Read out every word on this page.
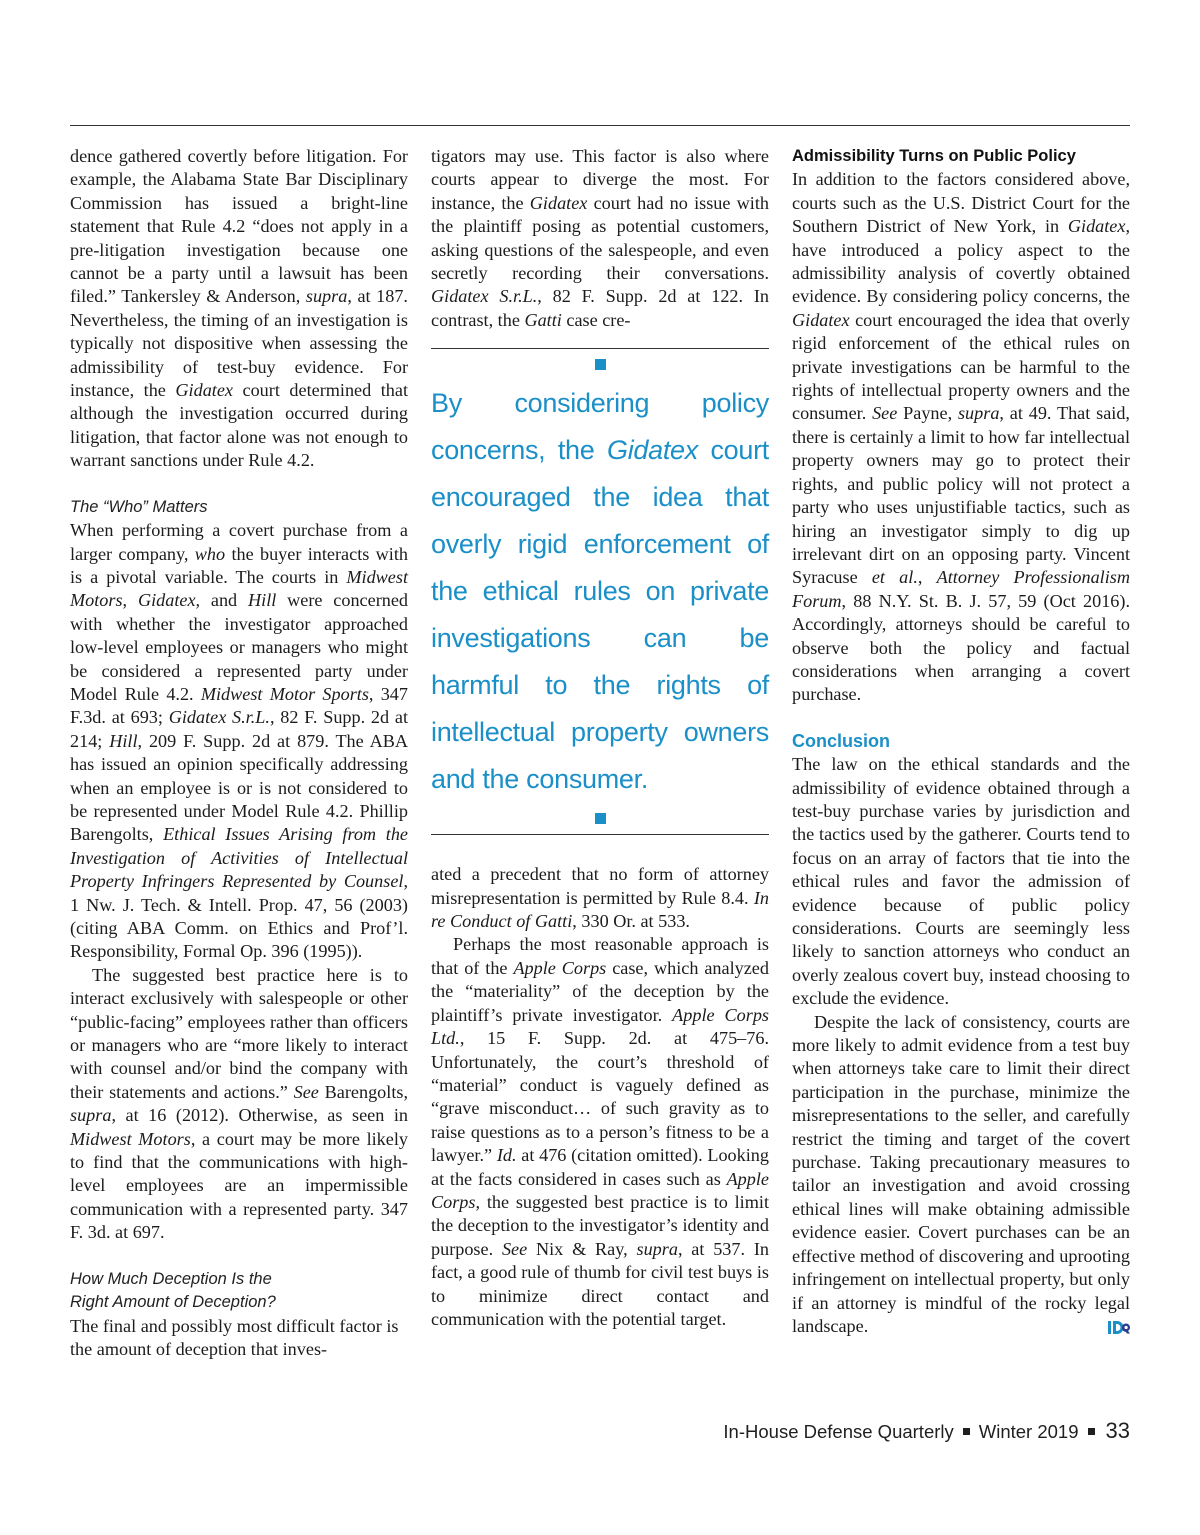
dence gathered covertly before litigation. For example, the Alabama State Bar Disciplinary Commission has issued a bright-line statement that Rule 4.2 “does not apply in a pre-litigation investigation because one cannot be a party until a lawsuit has been filed.” Tankersley & Anderson, supra, at 187. Nevertheless, the timing of an investigation is typically not dispositive when assessing the admissibility of test-buy evidence. For instance, the Gidatex court determined that although the investigation occurred during litigation, that factor alone was not enough to warrant sanctions under Rule 4.2.

The “Who” Matters

When performing a covert purchase from a larger company, who the buyer interacts with is a pivotal variable. The courts in Midwest Motors, Gidatex, and Hill were concerned with whether the investigator approached low-level employees or managers who might be considered a represented party under Model Rule 4.2. Midwest Motor Sports, 347 F.3d. at 693; Gidatex S.r.L., 82 F. Supp. 2d at 214; Hill, 209 F. Supp. 2d at 879. The ABA has issued an opinion specifically addressing when an employee is or is not considered to be represented under Model Rule 4.2. Phillip Barengolts, Ethical Issues Arising from the Investigation of Activities of Intellectual Property Infringers Represented by Counsel, 1 Nw. J. Tech. & Intell. Prop. 47, 56 (2003) (citing ABA Comm. on Ethics and Prof’l. Responsibility, Formal Op. 396 (1995)).

The suggested best practice here is to interact exclusively with salespeople or other “public-facing” employees rather than officers or managers who are “more likely to interact with counsel and/or bind the company with their statements and actions.” See Barengolts, supra, at 16 (2012). Otherwise, as seen in Midwest Motors, a court may be more likely to find that the communications with high-level employees are an impermissible communication with a represented party. 347 F. 3d. at 697.

How Much Deception Is the
Right Amount of Deception?

The final and possibly most difficult factor is the amount of deception that inves-

tigators may use. This factor is also where courts appear to diverge the most. For instance, the Gidatex court had no issue with the plaintiff posing as potential customers, asking questions of the salespeople, and even secretly recording their conversations. Gidatex S.r.L., 82 F. Supp. 2d at 122. In contrast, the Gatti case cre-

By considering policy concerns, the Gidatex court encouraged the idea that overly rigid enforcement of the ethical rules on private investigations can be harmful to the rights of intellectual property owners and the consumer.

ated a precedent that no form of attorney misrepresentation is permitted by Rule 8.4. In re Conduct of Gatti, 330 Or. at 533.

Perhaps the most reasonable approach is that of the Apple Corps case, which analyzed the “materiality” of the deception by the plaintiff’s private investigator. Apple Corps Ltd., 15 F. Supp. 2d. at 475–76. Unfortunately, the court’s threshold of “material” conduct is vaguely defined as “grave misconduct… of such gravity as to raise questions as to a person’s fitness to be a lawyer.” Id. at 476 (citation omitted). Looking at the facts considered in cases such as Apple Corps, the suggested best practice is to limit the deception to the investigator’s identity and purpose. See Nix & Ray, supra, at 537. In fact, a good rule of thumb for civil test buys is to minimize direct contact and communication with the potential target.

Admissibility Turns on Public Policy

In addition to the factors considered above, courts such as the U.S. District Court for the Southern District of New York, in Gidatex, have introduced a policy aspect to the admissibility analysis of covertly obtained evidence. By considering policy concerns, the Gidatex court encouraged the idea that overly rigid enforcement of the ethical rules on private investigations can be harmful to the rights of intellectual property owners and the consumer. See Payne, supra, at 49. That said, there is certainly a limit to how far intellectual property owners may go to protect their rights, and public policy will not protect a party who uses unjustifiable tactics, such as hiring an investigator simply to dig up irrelevant dirt on an opposing party. Vincent Syracuse et al., Attorney Professionalism Forum, 88 N.Y. St. B. J. 57, 59 (Oct 2016). Accordingly, attorneys should be careful to observe both the policy and factual considerations when arranging a covert purchase.

Conclusion

The law on the ethical standards and the admissibility of evidence obtained through a test-buy purchase varies by jurisdiction and the tactics used by the gatherer. Courts tend to focus on an array of factors that tie into the ethical rules and favor the admission of evidence because of public policy considerations. Courts are seemingly less likely to sanction attorneys who conduct an overly zealous covert buy, instead choosing to exclude the evidence.

Despite the lack of consistency, courts are more likely to admit evidence from a test buy when attorneys take care to limit their direct participation in the purchase, minimize the misrepresentations to the seller, and carefully restrict the timing and target of the covert purchase. Taking precautionary measures to tailor an investigation and avoid crossing ethical lines will make obtaining admissible evidence easier. Covert purchases can be an effective method of discovering and uprooting infringement on intellectual property, but only if an attorney is mindful of the rocky legal landscape.

In-House Defense Quarterly Winter 2019 33
